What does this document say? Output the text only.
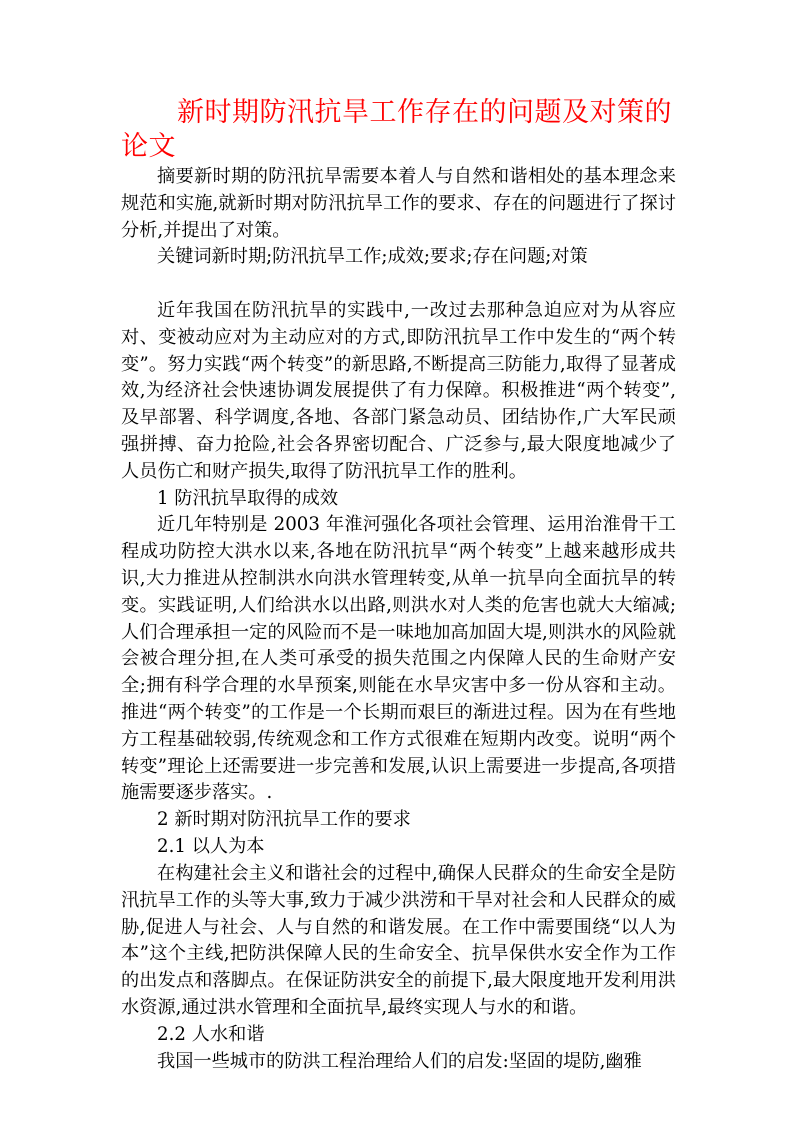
新时期防汛抗旱工作存在的问题及对策的论文

摘要新时期的防汛抗旱需要本着人与自然和谐相处的基本理念来规范和实施,就新时期对防汛抗旱工作的要求、存在的问题进行了探讨分析,并提出了对策。

关键词新时期;防汛抗旱工作;成效;要求;存在问题;对策

近年我国在防汛抗旱的实践中,一改过去那种急迫应对为从容应对、变被动应对为主动应对的方式,即防汛抗旱工作中发生的“两个转变”。努力实践“两个转变”的新思路,不断提高三防能力,取得了显著成效,为经济社会快速协调发展提供了有力保障。积极推进“两个转变”,及早部署、科学调度,各地、各部门紧急动员、团结协作,广大军民顽强拼搏、奋力抢险,社会各界密切配合、广泛参与,最大限度地减少了人员伤亡和财产损失,取得了防汛抗旱工作的胜利。

1 防汛抗旱取得的成效

近几年特别是 2003 年淮河强化各项社会管理、运用治淮骨干工程成功防控大洪水以来,各地在防汛抗旱“两个转变”上越来越形成共识,大力推进从控制洪水向洪水管理转变,从单一抗旱向全面抗旱的转变。实践证明,人们给洪水以出路,则洪水对人类的危害也就大大缩减;人们合理承担一定的风险而不是一味地加高加固大堤,则洪水的风险就会被合理分担,在人类可承受的损失范围之内保障人民的生命财产安全;拥有科学合理的水旱预案,则能在水旱灾害中多一份从容和主动。推进“两个转变”的工作是一个长期而艰巨的渐进过程。因为在有些地方工程基础较弱,传统观念和工作方式很难在短期内改变。说明“两个转变”理论上还需要进一步完善和发展,认识上需要进一步提高,各项措施需要逐步落实。.

2 新时期对防汛抗旱工作的要求

2.1 以人为本

在构建社会主义和谐社会的过程中,确保人民群众的生命安全是防汛抗旱工作的头等大事,致力于减少洪涝和干旱对社会和人民群众的威胁,促进人与社会、人与自然的和谐发展。在工作中需要围绕“以人为本”这个主线,把防洪保障人民的生命安全、抗旱保供水安全作为工作的出发点和落脚点。在保证防洪安全的前提下,最大限度地开发利用洪水资源,通过洪水管理和全面抗旱,最终实现人与水的和谐。

2.2 人水和谐

我国一些城市的防洪工程治理给人们的启发:坚固的堤防,幽雅
